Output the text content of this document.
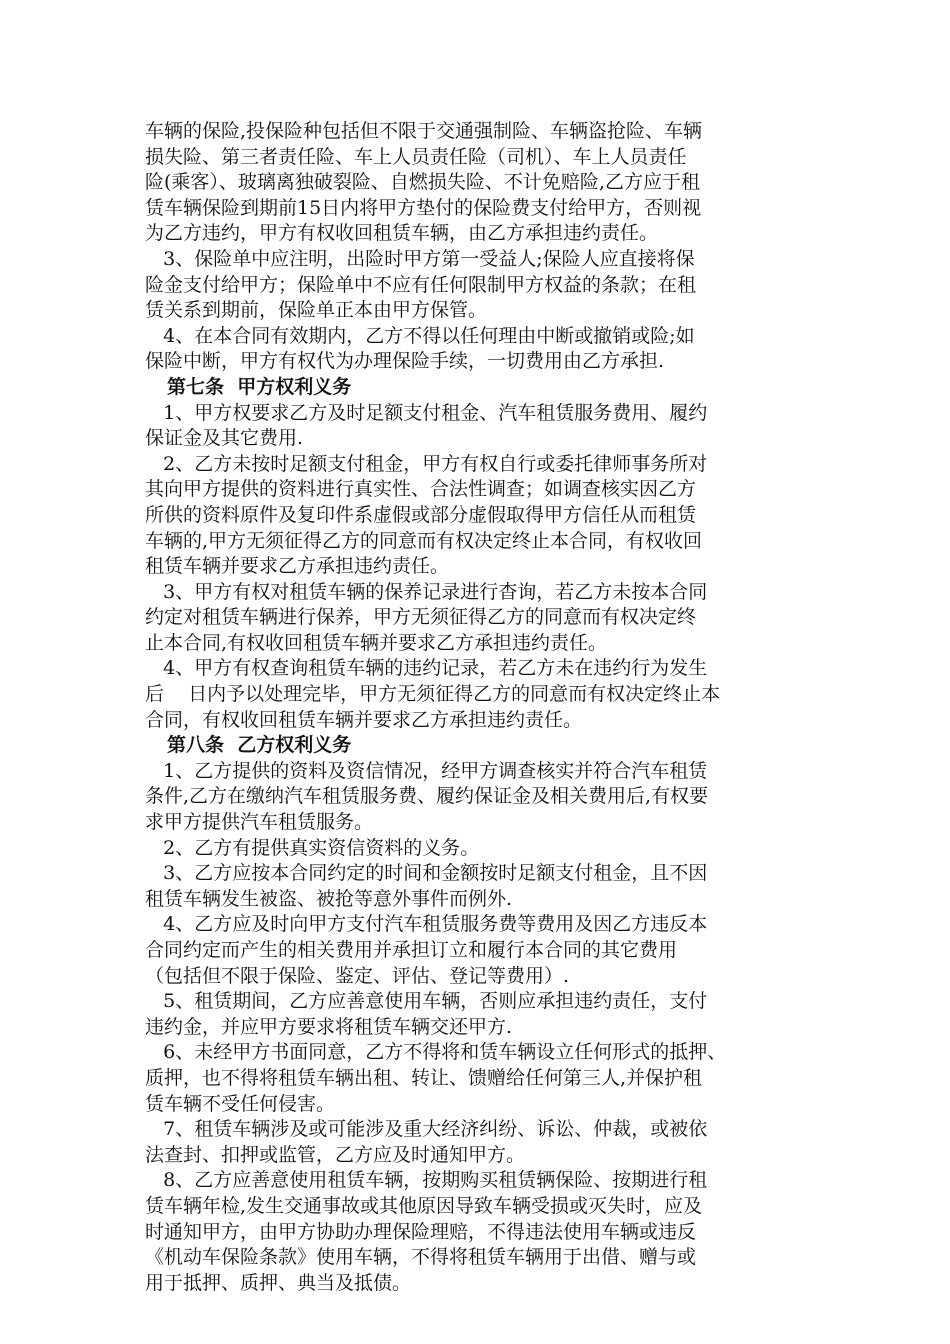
车辆的保险,投保险种包括但不限于交通强制险、车辆盗抢险、车辆
损失险、第三者责任险、车上人员责任险（司机）、车上人员责任
险(乘客）、玻璃离独破裂险、自燃损失险、不计免赔险,乙方应于租
赁车辆保险到期前15日内将甲方垫付的保险费支付给甲方，否则视
为乙方违约，甲方有权收回租赁车辆，由乙方承担违约责任。
3、保险单中应注明，出险时甲方第一受益人;保险人应直接将保
险金支付给甲方；保险单中不应有任何限制甲方权益的条款；在租
赁关系到期前，保险单正本由甲方保管。
4、在本合同有效期内，乙方不得以任何理由中断或撤销或险;如
保险中断，甲方有权代为办理保险手续，一切费用由乙方承担.
第七条  甲方权利义务
1、甲方权要求乙方及时足额支付租金、汽车租赁服务费用、履约
保证金及其它费用.
2、乙方未按时足额支付租金，甲方有权自行或委托律师事务所对
其向甲方提供的资料进行真实性、合法性调查；如调查核实因乙方
所供的资料原件及复印件系虚假或部分虚假取得甲方信任从而租赁
车辆的,甲方无须征得乙方的同意而有权决定终止本合同，有权收回
租赁车辆并要求乙方承担违约责任。
3、甲方有权对租赁车辆的保养记录进行杳询，若乙方未按本合同
约定对租赁车辆进行保养，甲方无须征得乙方的同意而有权决定终
止本合同,有权收回租赁车辆并要求乙方承担违约责任。
4、甲方有权查询租赁车辆的违约记录，若乙方未在违约行为发生
后    日内予以处理完毕，甲方无须征得乙方的同意而有权决定终止本
合同，有权收回租赁车辆并要求乙方承担违约责任。
第八条  乙方权利义务
1、乙方提供的资料及资信情况，经甲方调查核实并符合汽车租赁
条件,乙方在缴纳汽车租赁服务费、履约保证金及相关费用后,有权要
求甲方提供汽车租赁服务。
2、乙方有提供真实资信资料的义务。
3、乙方应按本合同约定的时间和金额按时足额支付租金，且不因
租赁车辆发生被盗、被抢等意外事件而例外.
4、乙方应及时向甲方支付汽车租赁服务费等费用及因乙方违反本
合同约定而产生的相关费用并承担订立和履行本合同的其它费用
（包括但不限于保险、鉴定、评估、登记等费用）.
5、租赁期间，乙方应善意使用车辆，否则应承担违约责任，支付
违约金，并应甲方要求将租赁车辆交还甲方.
6、未经甲方书面同意，乙方不得将和赁车辆设立任何形式的抵押、
质押，也不得将租赁车辆出租、转让、馈赠给任何第三人,并保护租
赁车辆不受任何侵害。
7、租赁车辆涉及或可能涉及重大经济纠纷、诉讼、仲裁，或被依
法查封、扣押或监管，乙方应及时通知甲方。
8、乙方应善意使用租赁车辆，按期购买租赁辆保险、按期进行租
赁车辆年检,发生交通事故或其他原因导致车辆受损或灭失时，应及
时通知甲方，由甲方协助办理保险理赔，不得违法使用车辆或违反
《机动车保险条款》使用车辆，不得将租赁车辆用于出借、赠与或
用于抵押、质押、典当及抵债。
